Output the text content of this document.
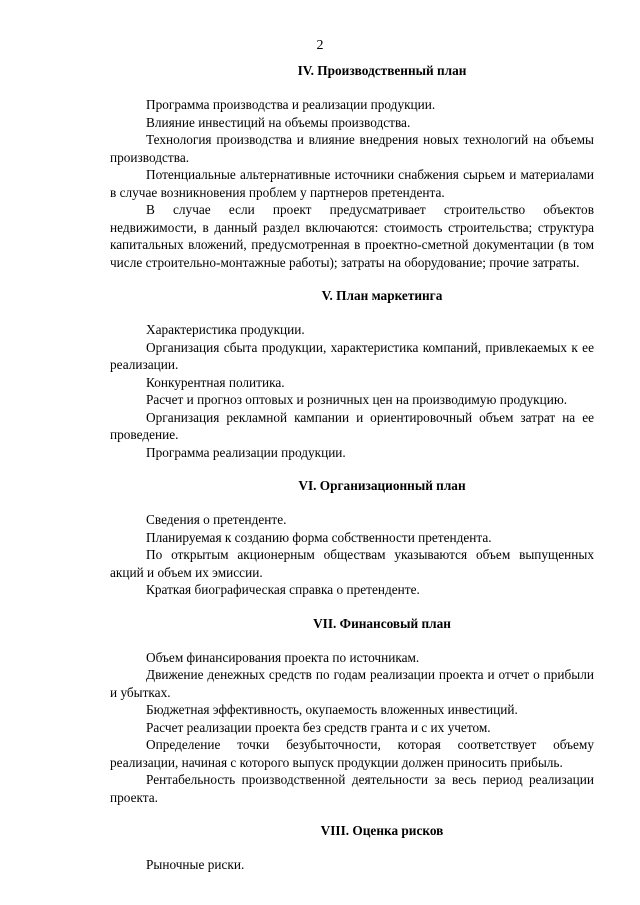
2
IV. Производственный план

Программа производства и реализации продукции.

Влияние инвестиций на объемы производства.

Технология производства и влияние внедрения новых технологий на объемы производства.

Потенциальные альтернативные источники снабжения сырьем и материалами в случае возникновения проблем у партнеров претендента.

В случае если проект предусматривает строительство объектов недвижимости, в данный раздел включаются: стоимость строительства; структура капитальных вложений, предусмотренная в проектно-сметной документации (в том числе строительно-монтажные работы); затраты на оборудование; прочие затраты.

V. План маркетинга

Характеристика продукции.

Организация сбыта продукции, характеристика компаний, привлекаемых к ее реализации.

Конкурентная политика.

Расчет и прогноз оптовых и розничных цен на производимую продукцию.

Организация рекламной кампании и ориентировочный объем затрат на ее проведение.

Программа реализации продукции.

VI. Организационный план

Сведения о претенденте.

Планируемая к созданию форма собственности претендента.

По открытым акционерным обществам указываются объем выпущенных акций и объем их эмиссии.

Краткая биографическая справка о претенденте.

VII. Финансовый план

Объем финансирования проекта по источникам.

Движение денежных средств по годам реализации проекта и отчет о прибыли и убытках.

Бюджетная эффективность, окупаемость вложенных инвестиций.

Расчет реализации проекта без средств гранта и с их учетом.

Определение точки безубыточности, которая соответствует объему реализации, начиная с которого выпуск продукции должен приносить прибыль.

Рентабельность производственной деятельности за весь период реализации проекта.

VIII. Оценка рисков

Рыночные риски.
